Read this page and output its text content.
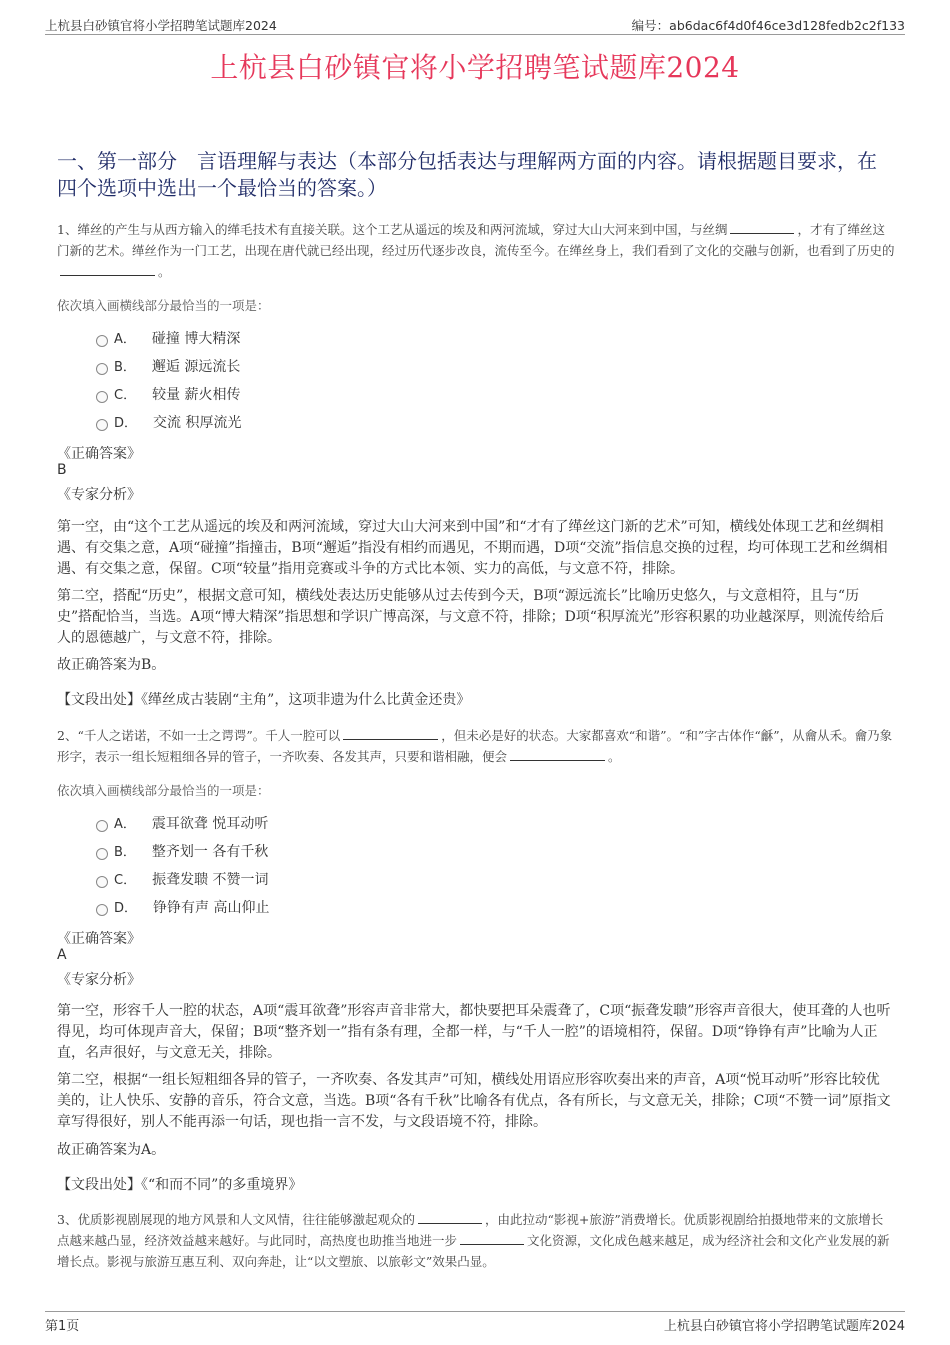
上杭县白砂镇官将小学招聘笔试题库2024	编号：ab6dac6f4d0f46ce3d128fedb2c2f133
上杭县白砂镇官将小学招聘笔试题库2024
一、第一部分　言语理解与表达（本部分包括表达与理解两方面的内容。请根据题目要求，在四个选项中选出一个最恰当的答案。）
1、缂丝的产生与从西方输入的缂毛技术有直接关联。这个工艺从遥远的埃及和两河流域，穿过大山大河来到中国，与丝绸	，才有了缂丝这门新的艺术。缂丝作为一门工艺，出现在唐代就已经出现，经过历代逐步改良，流传至今。在缂丝身上，我们看到了文化的交融与创新，也看到了历史的。
依次填入画横线部分最恰当的一项是：
A． 碰撞 博大精深
B． 邂逅 源远流长
C． 较量 薪火相传
D． 交流 积厚流光
《正确答案》
B
《专家分析》
第一空，由“这个工艺从遥远的埃及和两河流域，穿过大山大河来到中国”和“才有了缂丝这门新的艺术”可知，横线处体现工艺和丝绸相遇、有交集之意，A项“碰撞”指撞击，B项“邂逅”指没有相约而遇见，不期而遇，D项“交流”指信息交换的过程，均可体现工艺和丝绸相遇、有交集之意，保留。C项“较量”指用竞赛或斗争的方式比本领、实力的高低，与文意不符，排除。
第二空，搭配“历史”，根据文意可知，横线处表达历史能够从过去传到今天，B项“源远流长”比喻历史悠久，与文意相符，且与“历史”搭配恰当，当选。A项“博大精深”指思想和学识广博高深，与文意不符，排除；D项“积厚流光”形容积累的功业越深厚，则流传给后人的恩德越广，与文意不符，排除。
故正确答案为B。
【文段出处】《缂丝成古装剧“主角”，这项非遗为什么比黄金还贵》
2、“千人之诺诺，不如一士之谔谔”。千人一腔可以	，但未必是好的状态。大家都喜欢“和谐”。“和”字古体作“龢”，从龠从禾。龠乃象形字，表示一组长短粗细各异的管子，一齐吹奏、各发其声，只要和谐相融，便会	。
依次填入画横线部分最恰当的一项是：
A． 震耳欲聋 悦耳动听
B． 整齐划一 各有千秋
C． 振聋发聩 不赞一词
D． 铮铮有声 高山仰止
《正确答案》
A
《专家分析》
第一空，形容千人一腔的状态，A项“震耳欲聋”形容声音非常大，都快要把耳朵震聋了，C项“振聋发聩”形容声音很大，使耳聋的人也听得见，均可体现声音大，保留；B项“整齐划一”指有条有理，全都一样，与“千人一腔”的语境相符，保留。D项“铮铮有声”比喻为人正直，名声很好，与文意无关，排除。
第二空，根据“一组长短粗细各异的管子，一齐吹奏、各发其声”可知，横线处用语应形容吹奏出来的声音，A项“悦耳动听”形容比较优美的，让人快乐、安静的音乐，符合文意，当选。B项“各有千秋”比喻各有优点，各有所长，与文意无关，排除；C项“不赞一词”原指文章写得很好，别人不能再添一句话，现也指一言不发，与文段语境不符，排除。
故正确答案为A。
【文段出处】《“和而不同”的多重境界》
3、优质影视剧展现的地方风景和人文风情，往往能够激起观众的	，由此拉动“影视+旅游”消费增长。优质影视剧给拍摄地带来的文旅增长点越来越凸显，经济效益越来越好。与此同时，高热度也助推当地进一步	文化资源，文化成色越来越足，成为经济社会和文化产业发展的新增长点。影视与旅游互惠互利、双向奔赴，让“以文塑旅、以旅彰文”效果凸显。
第1页	上杭县白砂镇官将小学招聘笔试题库2024
